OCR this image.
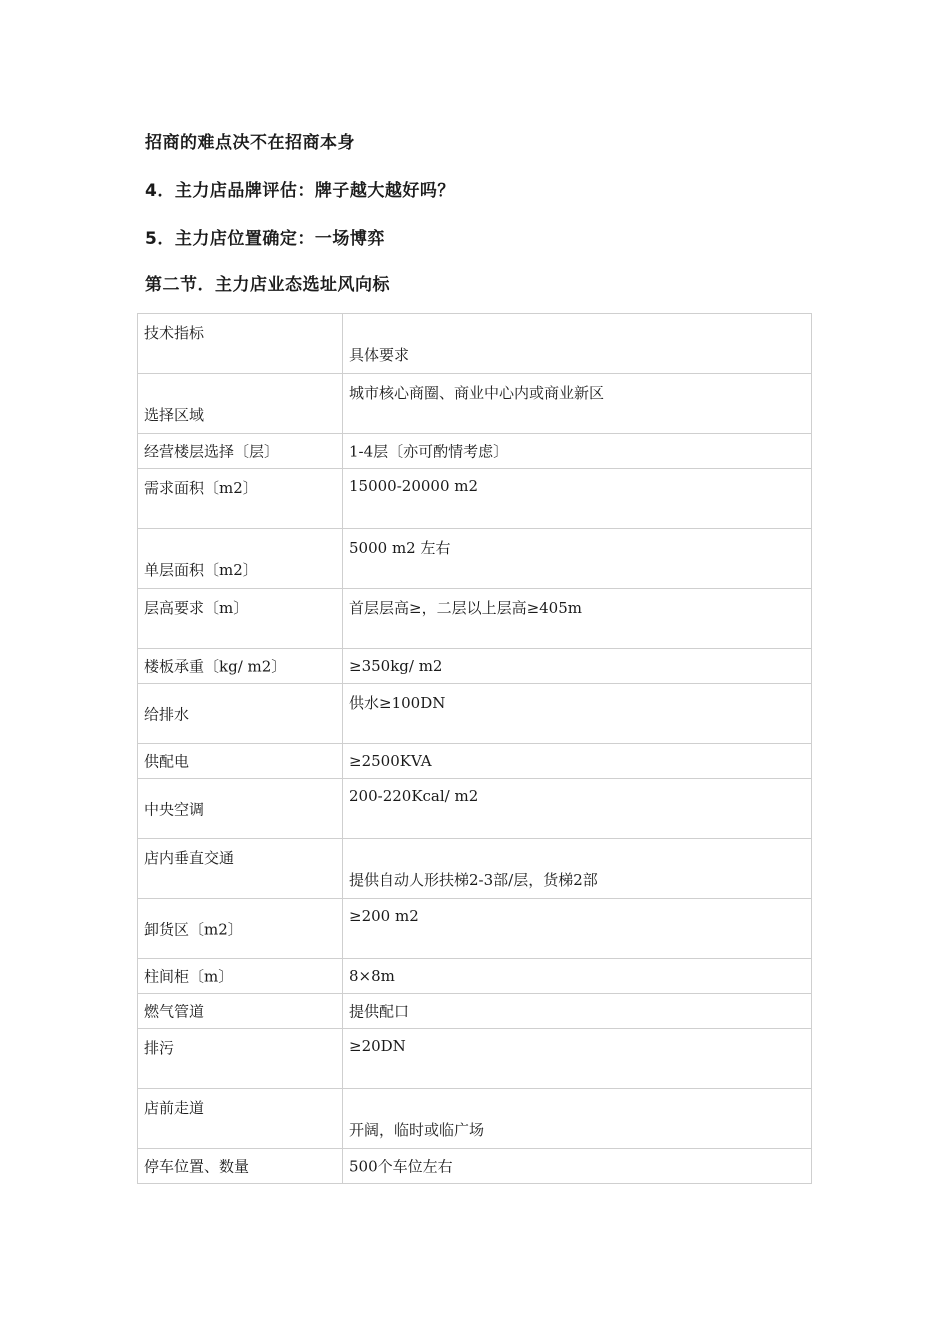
招商的难点决不在招商本身
4．主力店品牌评估：牌子越大越好吗？
5．主力店位置确定：一场博弈
第二节．主力店业态选址风向标
技术指标	具体要求

选择区域	城市核心商圈、商业中心内或商业新区

经营楼层选择〔层〕	1-4层〔亦可酌情考虑〕

需求面积〔m2〕	15000-20000 m2

单层面积〔m2〕	5000 m2 左右

层高要求〔m〕	首层层高≥，二层以上层高≥405m

楼板承重〔kg/ m2〕	≥350kg/ m2

给排水	供水≥100DN

供配电	≥2500KVA

中央空调	200-220Kcal/ m2

店内垂直交通	提供自动人形扶梯2-3部/层，货梯2部

卸货区〔m2〕	≥200 m2

柱间柜〔m〕	8×8m

燃气管道	提供配口

排污	≥20DN

店前走道	开阔，临时或临广场

停车位置、数量	500个车位左右
